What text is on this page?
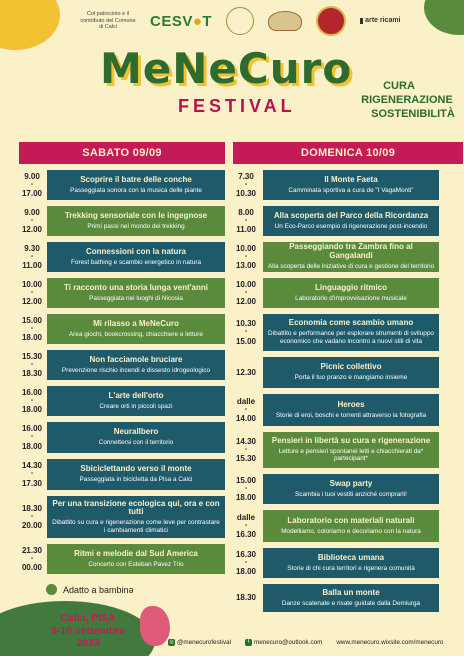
Col patrocinio e il contributo del Comune di Calci	CESV●T	arte ricami
MeNeCuro
FESTIVAL
CURA
RIGENERAZIONE
SOSTENIBILITÀ
SABATO 09/09
9.00
-
17.00
Scoprire il batre delle conche
Passeggiata sonora con la musica delle piante
9.00
-
12.00
Trekking sensoriale con le ingegnose
Primi passi nel mondo del trekking
9.30
-
11.00
Connessioni con la natura
Forest bathing e scambio energetico in natura
10.00
-
12.00
Ti racconto una storia lunga vent'anni
Passeggiata nei luoghi di Nicosia
15.00
-
18.00
Mi rilasso a MeNeCuro
Area giochi, bookcrossing, chiacchiere e letture
15.30
-
18.30
Non facciamole bruciare
Prevenzione rischio incendi e dissesto idrogeologico
16.00
-
18.00
L'arte dell'orto
Creare orti in piccoli spazi
16.00
-
18.00
Neurallbero
Connettersi con il territorio
14.30
-
17.30
Sbiciclettando verso il monte
Passeggiata in bicicletta da Pisa a Calci
18.30
-
20.00
Per una transizione ecologica qui, ora e con tutti
Dibattito su cura e rigenerazione come leve per contrastare i cambiamenti climatici
21.30
-
00.00
Ritmi e melodie dal Sud America
Concerto con Esteban Pavez Trio
DOMENICA 10/09
7.30
-
10.30
Il Monte Faeta
Camminata sportiva a cura de "I VagaMonti"
8.00
-
11.00
Alla scoperta del Parco della Ricordanza
Un Eco-Parco esempio di rigenerazione post-incendio
10.00
-
13.00
Passeggiando tra Zambra fino al Gangalandi
Alla scoperta delle iniziative di cura e gestione del territorio
10.00
-
12.00
Linguaggio ritmico
Laboratorio d'improvvisazione musicale
10.30
-
15.00
Economia come scambio umano
Dibattito e performance per esplorare strumenti di sviluppo economico che vadano incontro a nuovi stili di vita
12.30
Picnic collettivo
Porta il tuo pranzo e mangiamo insieme
dalle
-
14.00
Heroes
Storie di eroi, boschi e torrenti attraverso la fotografia
14.30
-
15.30
Pensieri in libertà su cura e rigenerazione
Letture e pensieri spontanei letti e chiacchierati da* partecipant*
15.00
-
18.00
Swap party
Scambia i tuoi vestiti anziché comprarli!
dalle
-
16.30
Laboratorio con materiali naturali
Modelliamo, coloriamo e decoriamo con la natura
16.30
-
18.00
Biblioteca umana
Storie di chi cura territori e rigenera comunità
18.30
Balla un monte
Danze scatenate e risate guidate dalla Demiurga
Adatto a bambinə
Calci, PISA
9-10 settembre
2023	◎ @menecurofestival	f menecuro@outlook.com www.menecuro.wixsite.com/menecuro
